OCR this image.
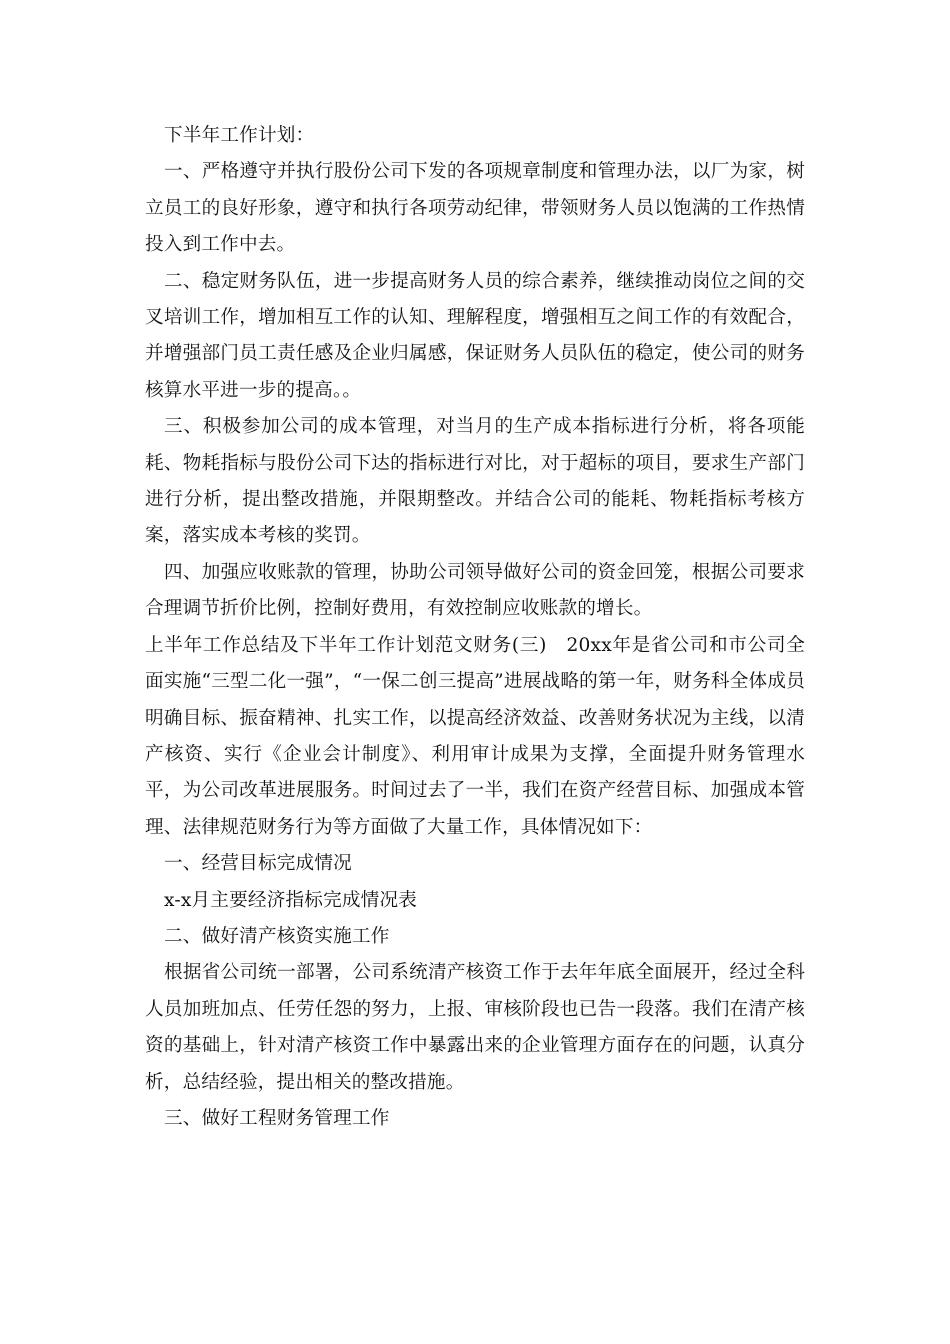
下半年工作计划：

一、严格遵守并执行股份公司下发的各项规章制度和管理办法，以厂为家，树立员工的良好形象，遵守和执行各项劳动纪律，带领财务人员以饱满的工作热情投入到工作中去。

二、稳定财务队伍，进一步提高财务人员的综合素养，继续推动岗位之间的交叉培训工作，增加相互工作的认知、理解程度，增强相互之间工作的有效配合，并增强部门员工责任感及企业归属感，保证财务人员队伍的稳定，使公司的财务核算水平进一步的提高。。

三、积极参加公司的成本管理，对当月的生产成本指标进行分析，将各项能耗、物耗指标与股份公司下达的指标进行对比，对于超标的项目，要求生产部门进行分析，提出整改措施，并限期整改。并结合公司的能耗、物耗指标考核方案，落实成本考核的奖罚。

四、加强应收账款的管理，协助公司领导做好公司的资金回笼，根据公司要求合理调节折价比例，控制好费用，有效控制应收账款的增长。

上半年工作总结及下半年工作计划范文财务(三)　20xx年是省公司和市公司全面实施“三型二化一强”，“一保二创三提高”进展战略的第一年，财务科全体成员明确目标、振奋精神、扎实工作，以提高经济效益、改善财务状况为主线，以清产核资、实行《企业会计制度》、利用审计成果为支撑，全面提升财务管理水平，为公司改革进展服务。时间过去了一半，我们在资产经营目标、加强成本管理、法律规范财务行为等方面做了大量工作，具体情况如下：

一、经营目标完成情况

x-x月主要经济指标完成情况表

二、做好清产核资实施工作

根据省公司统一部署，公司系统清产核资工作于去年年底全面展开，经过全科人员加班加点、任劳任怨的努力，上报、审核阶段也已告一段落。我们在清产核资的基础上，针对清产核资工作中暴露出来的企业管理方面存在的问题，认真分析，总结经验，提出相关的整改措施。

三、做好工程财务管理工作
